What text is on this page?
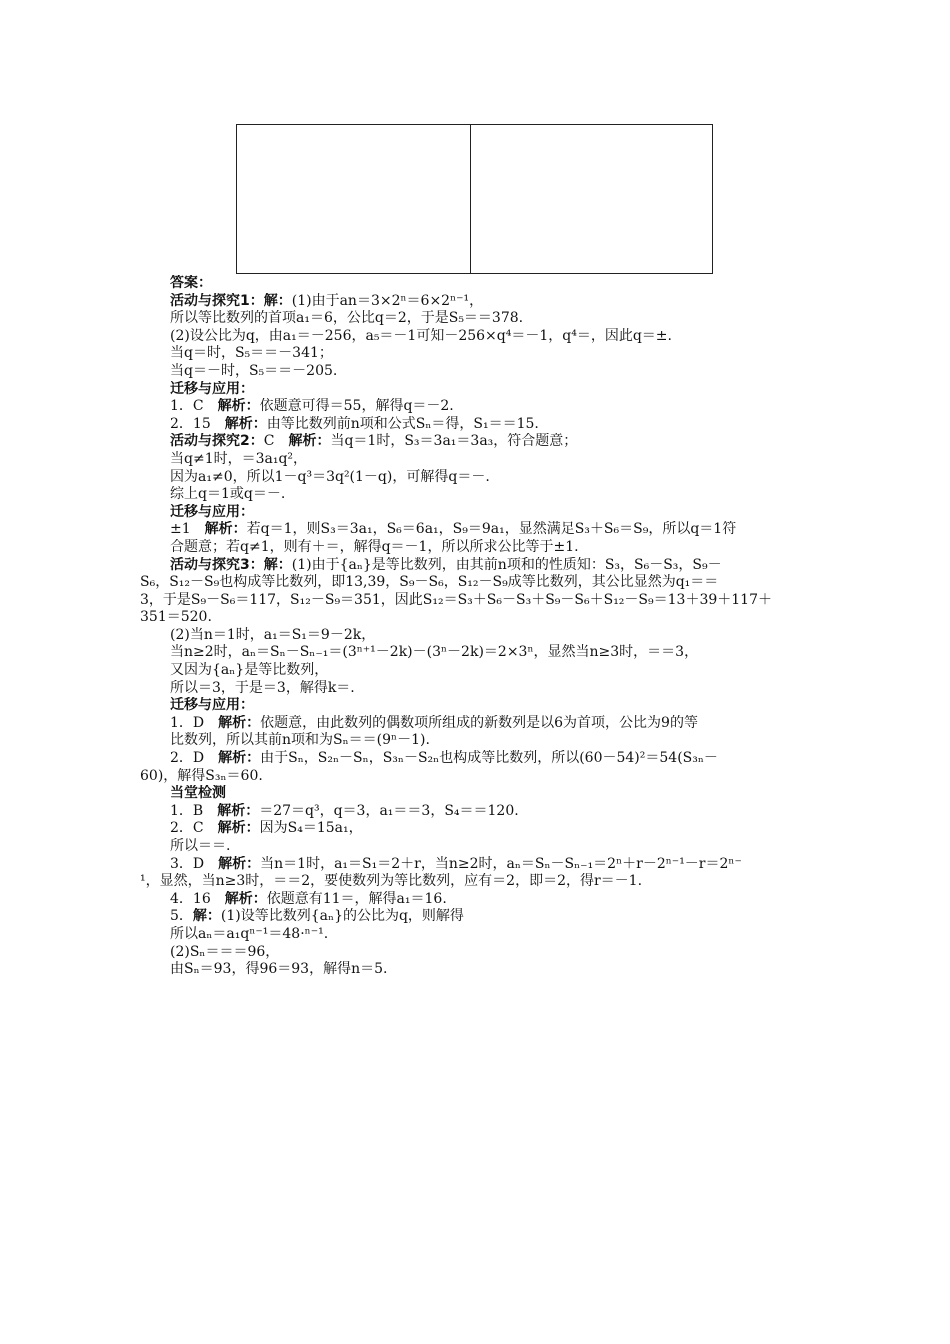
答案：
活动与探究1：解：(1)由于an＝3×2ⁿ＝6×2ⁿ⁻¹，
所以等比数列的首项a₁＝6，公比q＝2，于是S₅＝＝378.
(2)设公比为q，由a₁＝－256，a₅＝－1可知－256×q⁴＝－1，q⁴＝，因此q＝±.
当q＝时，S₅＝＝－341；
当q＝－时，S₅＝＝－205.
迁移与应用：
1．C　解析：依题意可得＝55，解得q＝－2.
2．15　解析：由等比数列前n项和公式Sₙ＝得，S₁＝＝15.
活动与探究2：C　解析：当q＝1时，S₃＝3a₁＝3a₃，符合题意；
当q≠1时，＝3a₁q²，
因为a₁≠0，所以1－q³＝3q²(1－q)，可解得q＝－.
综上q＝1或q＝－.
迁移与应用：
±1　解析：若q＝1，则S₃＝3a₁，S₆＝6a₁，S₉＝9a₁，显然满足S₃＋S₆＝S₉，所以q＝1符
合题意；若q≠1，则有＋＝，解得q＝－1，所以所求公比等于±1.
活动与探究3：解：(1)由于{aₙ}是等比数列，由其前n项和的性质知：S₃，S₆－S₃，S₉－
S₆，S₁₂－S₉也构成等比数列，即13,39，S₉－S₆，S₁₂－S₉成等比数列，其公比显然为q₁＝＝
3，于是S₉－S₆＝117，S₁₂－S₉＝351，因此S₁₂＝S₃＋S₆－S₃＋S₉－S₆＋S₁₂－S₉＝13＋39＋117＋
351＝520.
(2)当n＝1时，a₁＝S₁＝9－2k，
当n≥2时，aₙ＝Sₙ－Sₙ₋₁＝(3ⁿ⁺¹－2k)－(3ⁿ－2k)＝2×3ⁿ，显然当n≥3时，＝＝3，
又因为{aₙ}是等比数列，
所以＝3，于是＝3，解得k＝.
迁移与应用：
1．D　解析：依题意，由此数列的偶数项所组成的新数列是以6为首项，公比为9的等
比数列，所以其前n项和为Sₙ＝＝(9ⁿ－1).
2．D　解析：由于Sₙ，S₂ₙ－Sₙ，S₃ₙ－S₂ₙ也构成等比数列，所以(60－54)²＝54(S₃ₙ－
60)，解得S₃ₙ＝60.
当堂检测
1．B　解析：＝27＝q³，q＝3，a₁＝＝3，S₄＝＝120.
2．C　解析：因为S₄＝15a₁，
所以＝＝.
3．D　解析：当n＝1时，a₁＝S₁＝2＋r，当n≥2时，aₙ＝Sₙ－Sₙ₋₁＝2ⁿ＋r－2ⁿ⁻¹－r＝2ⁿ⁻
¹，显然，当n≥3时，＝＝2，要使数列为等比数列，应有＝2，即＝2，得r＝－1.
4．16　解析：依题意有11＝，解得a₁＝16.
5．解：(1)设等比数列{aₙ}的公比为q，则解得
所以aₙ＝a₁qⁿ⁻¹＝48·ⁿ⁻¹.
(2)Sₙ＝＝＝96，
由Sₙ＝93，得96＝93，解得n＝5.
